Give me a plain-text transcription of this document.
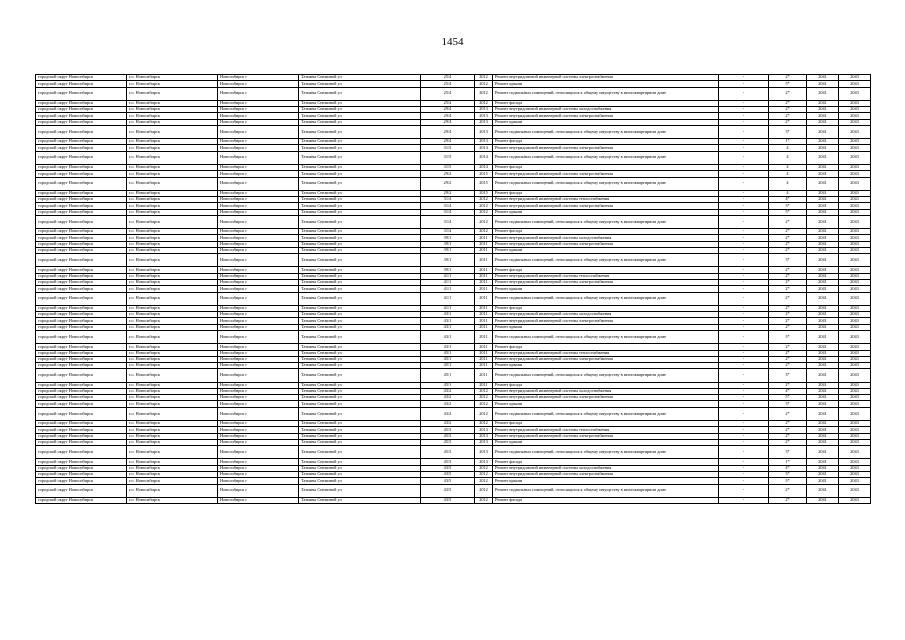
1454
городской округ Новосибирск	г.о. Новосибирск	Новосибирск г	Татьяны Снежиной ул	25/4	2012	Ремонт внутридомовой инженерной системы электроснабжения	-	2*	2041	2043
городской округ Новосибирск	г.о. Новосибирск	Новосибирск г	Татьяны Снежиной ул	25/4	2012	Ремонт крыши	-	5*	2041	2043
городской округ Новосибирск	г.о. Новосибирск	Новосибирск г	Татьяны Снежиной ул	25/4	2012	Ремонт подвальных помещений, относящихся к общему имуществу в многоквартирном доме	-	2*	2041	2043
городской округ Новосибирск	г.о. Новосибирск	Новосибирск г	Татьяны Снежиной ул	25/4	2012	Ремонт фасада	-	2*	2041	2043
городской округ Новосибирск	г.о. Новосибирск	Новосибирск г	Татьяны Снежиной ул	29/4	2013	Ремонт внутридомовой инженерной системы холодоснабжения	-	2*	2041	2043
городской округ Новосибирск	г.о. Новосибирск	Новосибирск г	Татьяны Снежиной ул	29/4	2013	Ремонт внутридомовой инженерной системы электроснабжения	-	2*	2041	2043
городской округ Новосибирск	г.о. Новосибирск	Новосибирск г	Татьяны Снежиной ул	29/4	2013	Ремонт крыши	-	2*	2041	2043
городской округ Новосибирск	г.о. Новосибирск	Новосибирск г	Татьяны Снежиной ул	29/4	2013	Ремонт подвальных помещений, относящихся к общему имуществу в многоквартирном доме	-	3*	2041	2043
городской округ Новосибирск	г.о. Новосибирск	Новосибирск г	Татьяны Снежиной ул	29/4	2013	Ремонт фасада	-	1*	2041	2043
городской округ Новосибирск	г.о. Новосибирск	Новосибирск г	Татьяны Снежиной ул	31/5	2014	Ремонт внутридомовой инженерной системы электроснабжения	-	4	2041	2043
городской округ Новосибирск	г.о. Новосибирск	Новосибирск г	Татьяны Снежиной ул	31/5	2014	Ремонт подвальных помещений, относящихся к общему имуществу в многоквартирном доме	-	4	2041	2043
городской округ Новосибирск	г.о. Новосибирск	Новосибирск г	Татьяны Снежиной ул	31/5	2014	Ремонт фасада	-	4	2041	2043
городской округ Новосибирск	г.о. Новосибирск	Новосибирск г	Татьяны Снежиной ул	29/2	2015	Ремонт внутридомовой инженерной системы электроснабжения	-	4	2041	2043
городской округ Новосибирск	г.о. Новосибирск	Новосибирск г	Татьяны Снежиной ул	29/2	2015	Ремонт подвальных помещений, относящихся к общему имуществу в многоквартирном доме	-	4	2041	2043
городской округ Новосибирск	г.о. Новосибирск	Новосибирск г	Татьяны Снежиной ул	29/2	2015	Ремонт фасада	-	4	2041	2043
городской округ Новосибирск	г.о. Новосибирск	Новосибирск г	Татьяны Снежиной ул	31/4	2012	Ремонт внутридомовой инженерной системы теплоснабжения	-	4*	2041	2043
городской округ Новосибирск	г.о. Новосибирск	Новосибирск г	Татьяны Снежиной ул	31/4	2012	Ремонт внутридомовой инженерной системы электроснабжения	-	3*	2041	2043
городской округ Новосибирск	г.о. Новосибирск	Новосибирск г	Татьяны Снежиной ул	31/4	2012	Ремонт крыши	-	5*	2041	2043
городской округ Новосибирск	г.о. Новосибирск	Новосибирск г	Татьяны Снежиной ул	31/4	2012	Ремонт подвальных помещений, относящихся к общему имуществу в многоквартирном доме	-	2*	2041	2043
городской округ Новосибирск	г.о. Новосибирск	Новосибирск г	Татьяны Снежиной ул	31/4	2012	Ремонт фасада	-	2*	2041	2043
городской округ Новосибирск	г.о. Новосибирск	Новосибирск г	Татьяны Снежиной ул	39/1	2011	Ремонт внутридомовой инженерной системы холодоснабжения	-	2*	2041	2043
городской округ Новосибирск	г.о. Новосибирск	Новосибирск г	Татьяны Снежиной ул	39/1	2011	Ремонт внутридомовой инженерной системы электроснабжения	-	2*	2041	2043
городской округ Новосибирск	г.о. Новосибирск	Новосибирск г	Татьяны Снежиной ул	39/1	2011	Ремонт крыши	-	2*	2041	2043
городской округ Новосибирск	г.о. Новосибирск	Новосибирск г	Татьяны Снежиной ул	39/1	2011	Ремонт подвальных помещений, относящихся к общему имуществу в многоквартирном доме	-	3*	2041	2043
городской округ Новосибирск	г.о. Новосибирск	Новосибирск г	Татьяны Снежиной ул	39/1	2011	Ремонт фасада	-	2*	2041	2043
городской округ Новосибирск	г.о. Новосибирск	Новосибирск г	Татьяны Снежиной ул	41/1	2011	Ремонт внутридомовой инженерной системы теплоснабжения	-	2*	2041	2043
городской округ Новосибирск	г.о. Новосибирск	Новосибирск г	Татьяны Снежиной ул	41/1	2011	Ремонт внутридомовой инженерной системы электроснабжения	-	2*	2041	2043
городской округ Новосибирск	г.о. Новосибирск	Новосибирск г	Татьяны Снежиной ул	41/1	2011	Ремонт крыши	-	2*	2041	2043
городской округ Новосибирск	г.о. Новосибирск	Новосибирск г	Татьяны Снежиной ул	41/1	2011	Ремонт подвальных помещений, относящихся к общему имуществу в многоквартирном доме	-	2*	2041	2043
городской округ Новосибирск	г.о. Новосибирск	Новосибирск г	Татьяны Снежиной ул	41/1	2011	Ремонт фасада	-	2*	2041	2043
городской округ Новосибирск	г.о. Новосибирск	Новосибирск г	Татьяны Снежиной ул	43/1	2011	Ремонт внутридомовой инженерной системы холодоснабжения	-	2*	2041	2043
городской округ Новосибирск	г.о. Новосибирск	Новосибирск г	Татьяны Снежиной ул	43/1	2011	Ремонт внутридомовой инженерной системы электроснабжения	-	2*	2041	2043
городской округ Новосибирск	г.о. Новосибирск	Новосибирск г	Татьяны Снежиной ул	43/1	2011	Ремонт крыши	-	2*	2041	2043
городской округ Новосибирск	г.о. Новосибирск	Новосибирск г	Татьяны Снежиной ул	43/1	2011	Ремонт подвальных помещений, относящихся к общему имуществу в многоквартирном доме	-	3*	2041	2043
городской округ Новосибирск	г.о. Новосибирск	Новосибирск г	Татьяны Снежиной ул	43/1	2011	Ремонт фасада	-	2*	2041	2043
городской округ Новосибирск	г.о. Новосибирск	Новосибирск г	Татьяны Снежиной ул	45/1	2011	Ремонт внутридомовой инженерной системы теплоснабжения	-	2*	2041	2043
городской округ Новосибирск	г.о. Новосибирск	Новосибирск г	Татьяны Снежиной ул	45/1	2011	Ремонт внутридомовой инженерной системы электроснабжения	-	2*	2041	2043
городской округ Новосибирск	г.о. Новосибирск	Новосибирск г	Татьяны Снежиной ул	45/1	2011	Ремонт крыши	-	2*	2041	2043
городской округ Новосибирск	г.о. Новосибирск	Новосибирск г	Татьяны Снежиной ул	45/1	2011	Ремонт подвальных помещений, относящихся к общему имуществу в многоквартирном доме	-	3*	2041	2043
городской округ Новосибирск	г.о. Новосибирск	Новосибирск г	Татьяны Снежиной ул	45/1	2011	Ремонт фасада	-	2*	2041	2043
городской округ Новосибирск	г.о. Новосибирск	Новосибирск г	Татьяны Снежиной ул	43/2	2012	Ремонт внутридомовой инженерной системы холодоснабжения	-	4*	2041	2043
городской округ Новосибирск	г.о. Новосибирск	Новосибирск г	Татьяны Снежиной ул	43/2	2012	Ремонт внутридомовой инженерной системы электроснабжения	-	5*	2041	2043
городской округ Новосибирск	г.о. Новосибирск	Новосибирск г	Татьяны Снежиной ул	43/2	2012	Ремонт крыши	-	3*	2041	2043
городской округ Новосибирск	г.о. Новосибирск	Новосибирск г	Татьяны Снежиной ул	43/2	2012	Ремонт подвальных помещений, относящихся к общему имуществу в многоквартирном доме	-	2*	2041	2043
городской округ Новосибирск	г.о. Новосибирск	Новосибирск г	Татьяны Снежиной ул	43/2	2012	Ремонт фасада	-	2*	2041	2043
городской округ Новосибирск	г.о. Новосибирск	Новосибирск г	Татьяны Снежиной ул	45/3	2013	Ремонт внутридомовой инженерной системы теплоснабжения	-	2*	2041	2043
городской округ Новосибирск	г.о. Новосибирск	Новосибирск г	Татьяны Снежиной ул	45/3	2013	Ремонт внутридомовой инженерной системы электроснабжения	-	2*	2041	2043
городской округ Новосибирск	г.о. Новосибирск	Новосибирск г	Татьяны Снежиной ул	45/3	2013	Ремонт крыши	-	2*	2041	2043
городской округ Новосибирск	г.о. Новосибирск	Новосибирск г	Татьяны Снежиной ул	45/3	2013	Ремонт подвальных помещений, относящихся к общему имуществу в многоквартирном доме	-	3*	2041	2043
городской округ Новосибирск	г.о. Новосибирск	Новосибирск г	Татьяны Снежиной ул	45/3	2013	Ремонт фасада	-	1*	2041	2043
городской округ Новосибирск	г.о. Новосибирск	Новосибирск г	Татьяны Снежиной ул	43/5	2012	Ремонт внутридомовой инженерной системы холодоснабжения	-	4*	2041	2043
городской округ Новосибирск	г.о. Новосибирск	Новосибирск г	Татьяны Снежиной ул	43/5	2012	Ремонт внутридомовой инженерной системы электроснабжения	-	3*	2041	2043
городской округ Новосибирск	г.о. Новосибирск	Новосибирск г	Татьяны Снежиной ул	43/5	2012	Ремонт крыши	-	3*	2041	2043
городской округ Новосибирск	г.о. Новосибирск	Новосибирск г	Татьяны Снежиной ул	43/5	2012	Ремонт подвальных помещений, относящихся к общему имуществу в многоквартирном доме	-	2*	2041	2043
городской округ Новосибирск	г.о. Новосибирск	Новосибирск г	Татьяны Снежиной ул	43/5	2012	Ремонт фасада	-	2*	2041	2043
